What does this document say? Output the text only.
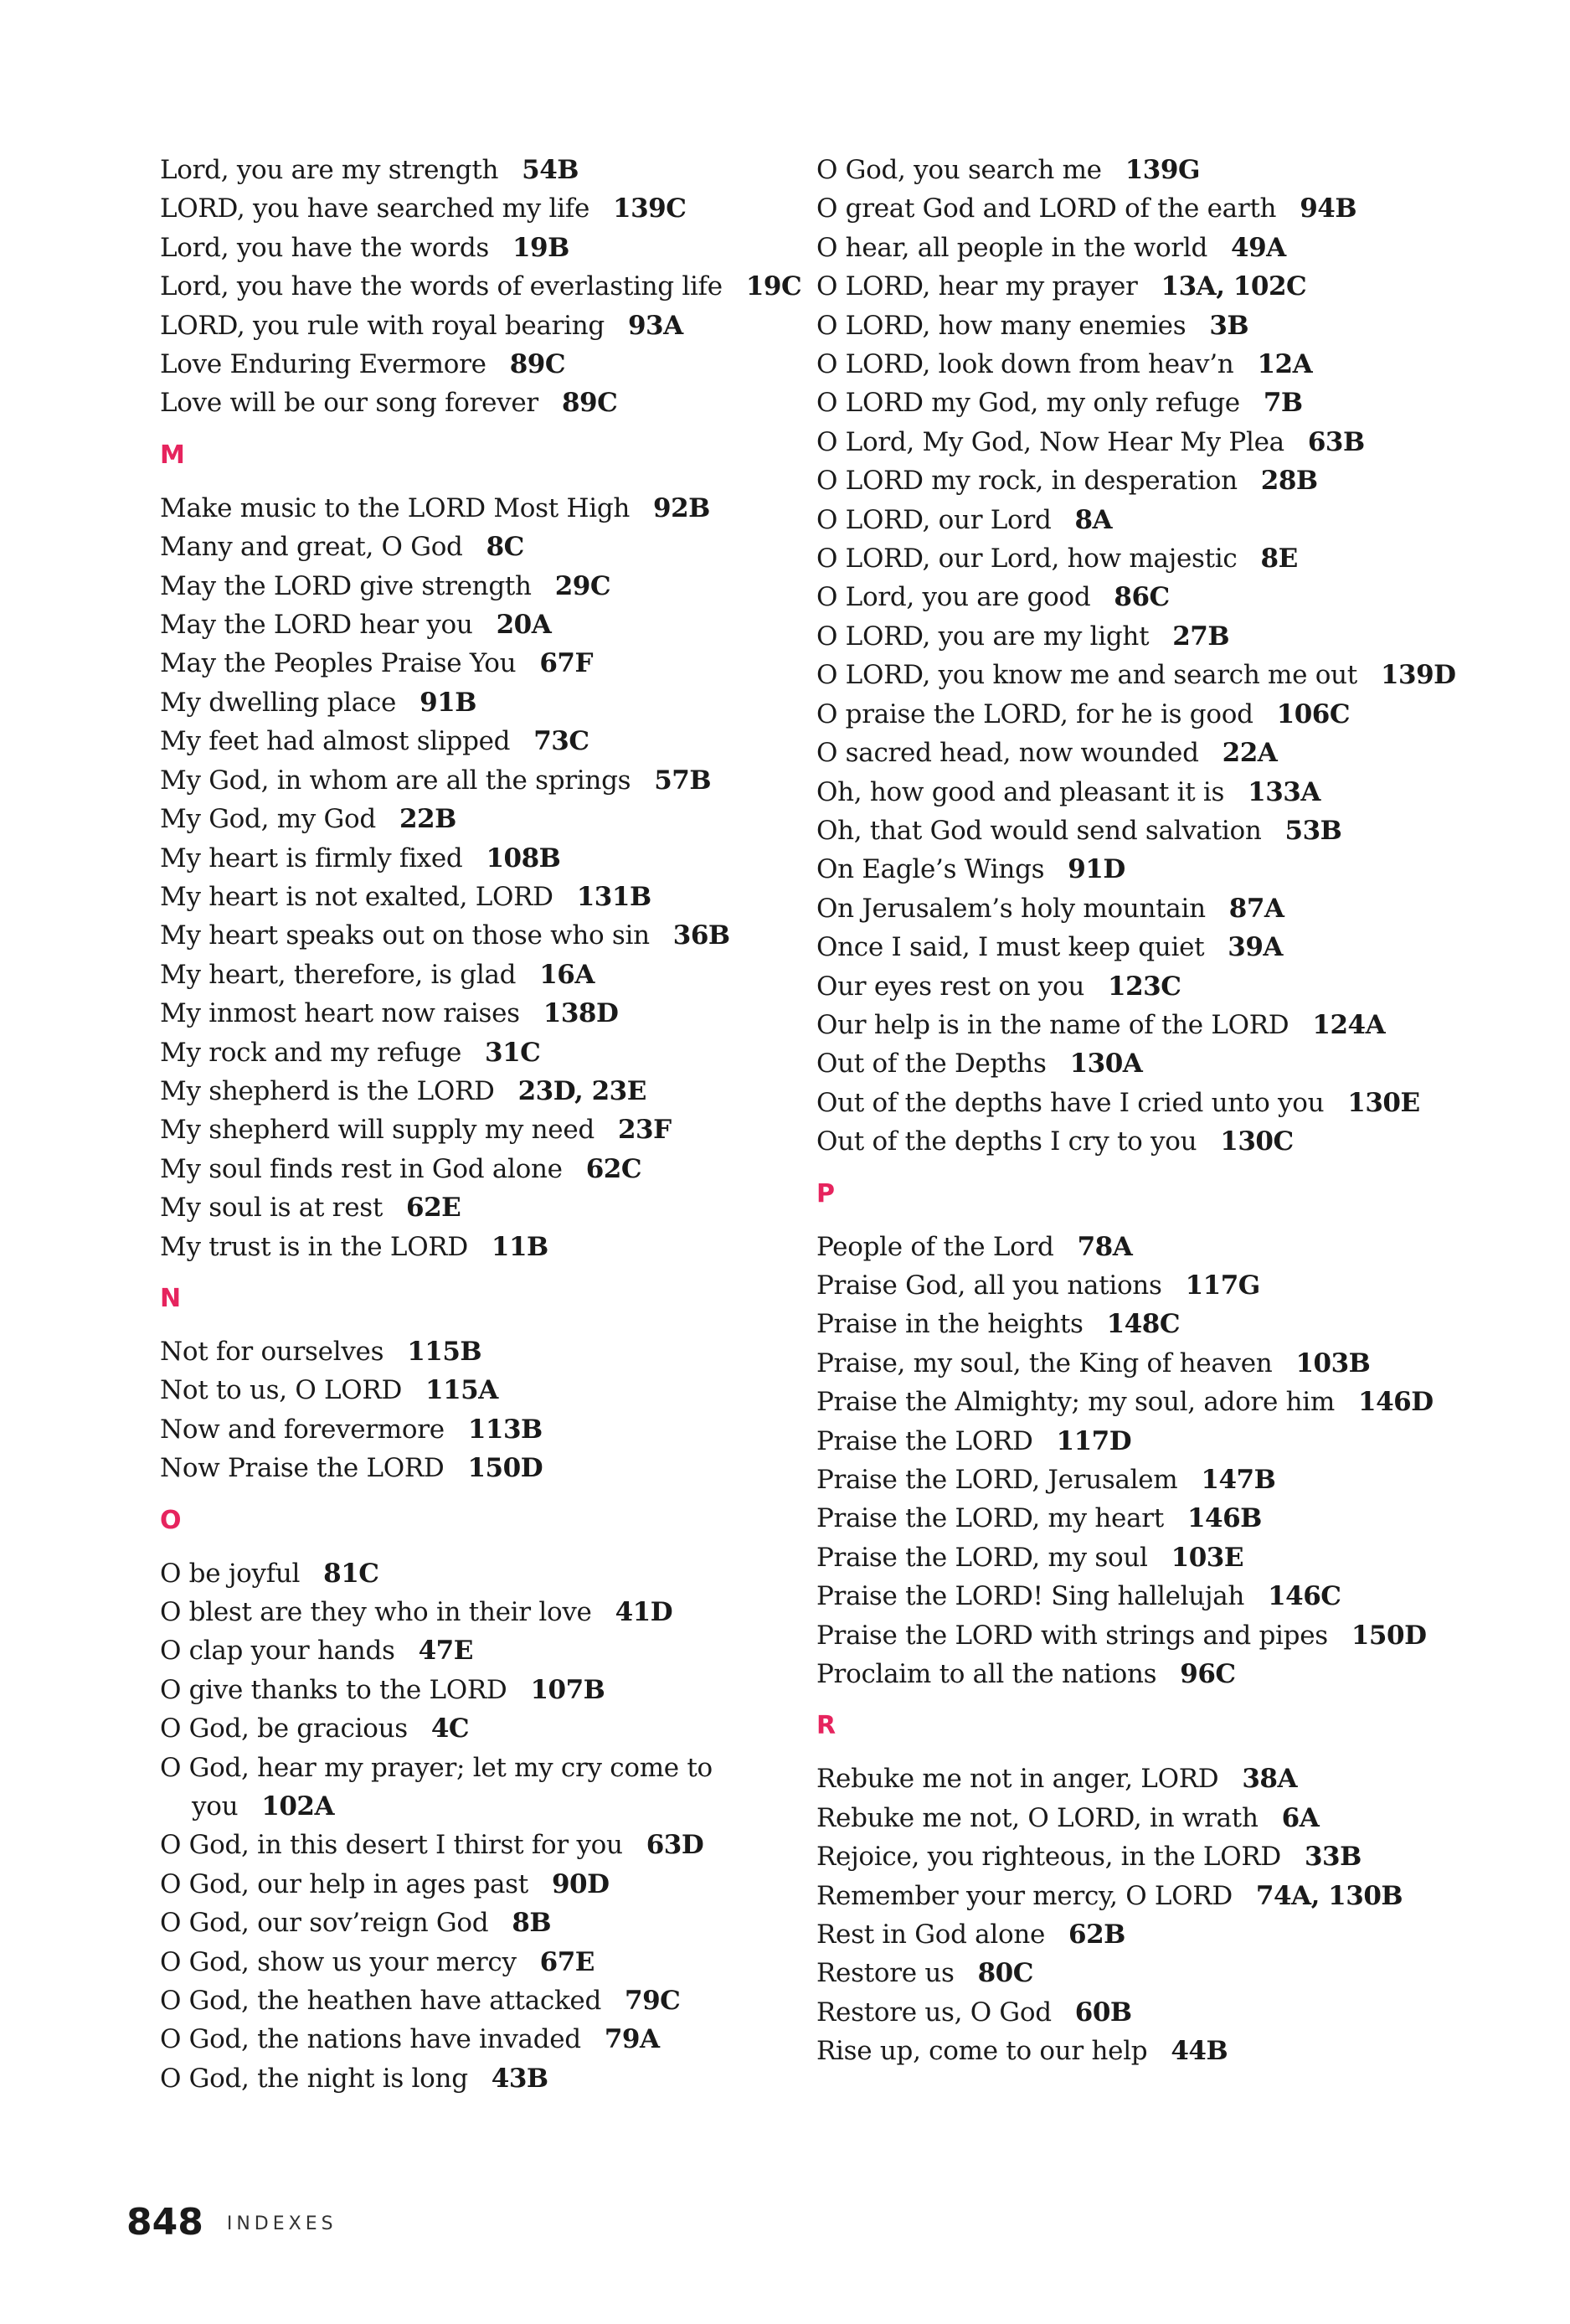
Lord, you are my strength 54B
LORD, you have searched my life 139C
Lord, you have the words 19B
Lord, you have the words of everlasting life 19C
LORD, you rule with royal bearing 93A
Love Enduring Evermore 89C
Love will be our song forever 89C
M
Make music to the LORD Most High 92B
Many and great, O God 8C
May the LORD give strength 29C
May the LORD hear you 20A
May the Peoples Praise You 67F
My dwelling place 91B
My feet had almost slipped 73C
My God, in whom are all the springs 57B
My God, my God 22B
My heart is firmly fixed 108B
My heart is not exalted, LORD 131B
My heart speaks out on those who sin 36B
My heart, therefore, is glad 16A
My inmost heart now raises 138D
My rock and my refuge 31C
My shepherd is the LORD 23D, 23E
My shepherd will supply my need 23F
My soul finds rest in God alone 62C
My soul is at rest 62E
My trust is in the LORD 11B
N
Not for ourselves 115B
Not to us, O LORD 115A
Now and forevermore 113B
Now Praise the LORD 150D
O
O be joyful 81C
O blest are they who in their love 41D
O clap your hands 47E
O give thanks to the LORD 107B
O God, be gracious 4C
O God, hear my prayer; let my cry come to you 102A
O God, in this desert I thirst for you 63D
O God, our help in ages past 90D
O God, our sov’reign God 8B
O God, show us your mercy 67E
O God, the heathen have attacked 79C
O God, the nations have invaded 79A
O God, the night is long 43B
O God, you search me 139G
O great God and LORD of the earth 94B
O hear, all people in the world 49A
O LORD, hear my prayer 13A, 102C
O LORD, how many enemies 3B
O LORD, look down from heav’n 12A
O LORD my God, my only refuge 7B
O Lord, My God, Now Hear My Plea 63B
O LORD my rock, in desperation 28B
O LORD, our Lord 8A
O LORD, our Lord, how majestic 8E
O Lord, you are good 86C
O LORD, you are my light 27B
O LORD, you know me and search me out 139D
O praise the LORD, for he is good 106C
O sacred head, now wounded 22A
Oh, how good and pleasant it is 133A
Oh, that God would send salvation 53B
On Eagle’s Wings 91D
On Jerusalem’s holy mountain 87A
Once I said, I must keep quiet 39A
Our eyes rest on you 123C
Our help is in the name of the LORD 124A
Out of the Depths 130A
Out of the depths have I cried unto you 130E
Out of the depths I cry to you 130C
P
People of the Lord 78A
Praise God, all you nations 117G
Praise in the heights 148C
Praise, my soul, the King of heaven 103B
Praise the Almighty; my soul, adore him 146D
Praise the LORD 117D
Praise the LORD, Jerusalem 147B
Praise the LORD, my heart 146B
Praise the LORD, my soul 103E
Praise the LORD! Sing hallelujah 146C
Praise the LORD with strings and pipes 150D
Proclaim to all the nations 96C
R
Rebuke me not in anger, LORD 38A
Rebuke me not, O LORD, in wrath 6A
Rejoice, you righteous, in the LORD 33B
Remember your mercy, O LORD 74A, 130B
Rest in God alone 62B
Restore us 80C
Restore us, O God 60B
Rise up, come to our help 44B
848 INDEXES
